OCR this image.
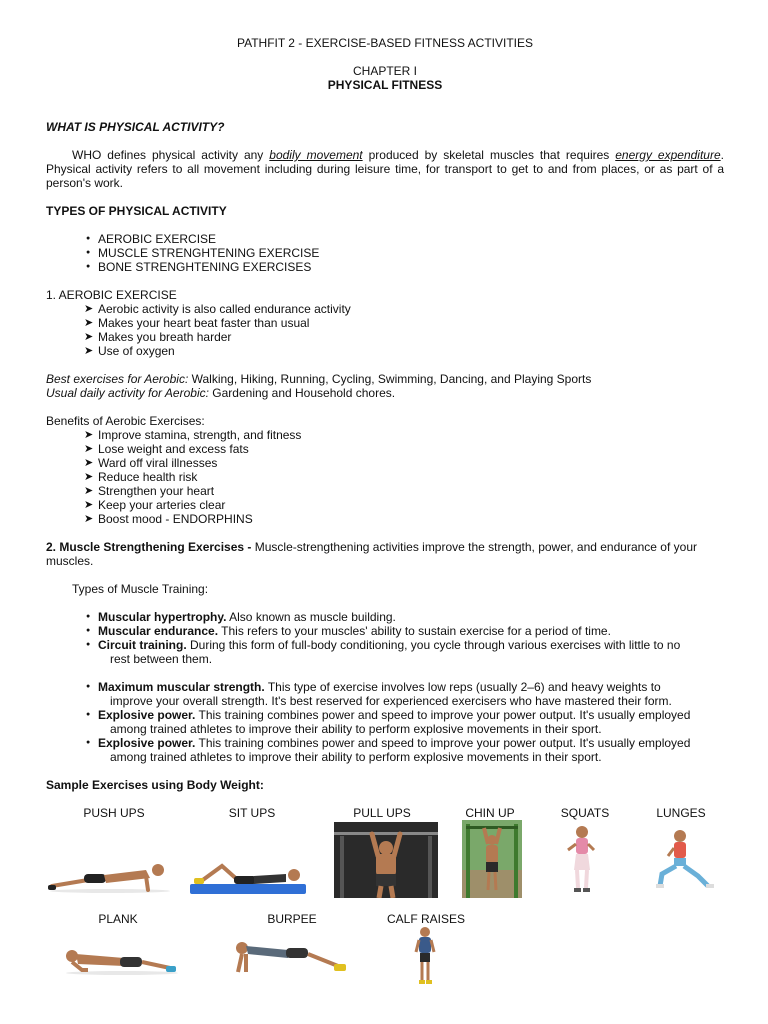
PATHFIT 2 - EXERCISE-BASED FITNESS ACTIVITIES

CHAPTER I

PHYSICAL FITNESS

WHAT IS PHYSICAL ACTIVITY?

WHO defines physical activity any bodily movement produced by skeletal muscles that requires energy expenditure. Physical activity refers to all movement including during leisure time, for transport to get to and from places, or as part of a person's work.

TYPES OF PHYSICAL ACTIVITY

● AEROBIC EXERCISE
● MUSCLE STRENGHTENING EXERCISE
● BONE STRENGHTENING EXERCISES

1. AEROBIC EXERCISE

➤ Aerobic activity is also called endurance activity
➤ Makes your heart beat faster than usual
➤ Makes you breath harder
➤ Use of oxygen

Best exercises for Aerobic: Walking, Hiking, Running, Cycling, Swimming, Dancing, and Playing Sports

Usual daily activity for Aerobic: Gardening and Household chores.

Benefits of Aerobic Exercises:

➤ Improve stamina, strength, and fitness
➤ Lose weight and excess fats
➤ Ward off viral illnesses
➤ Reduce health risk
➤ Strengthen your heart
➤ Keep your arteries clear
➤ Boost mood - ENDORPHINS

2. Muscle Strengthening Exercises - Muscle-strengthening activities improve the strength, power, and endurance of your muscles.

Types of Muscle Training:

● Muscular hypertrophy. Also known as muscle building.
● Muscular endurance. This refers to your muscles' ability to sustain exercise for a period of time.
● Circuit training. During this form of full-body conditioning, you cycle through various exercises with little to no
rest between them.
● Maximum muscular strength. This type of exercise involves low reps (usually 2–6) and heavy weights to
improve your overall strength. It's best reserved for experienced exercisers who have mastered their form.
● Explosive power. This training combines power and speed to improve your power output. It's usually employed
among trained athletes to improve their ability to perform explosive movements in their sport.
● Explosive power. This training combines power and speed to improve your power output. It's usually employed
among trained athletes to improve their ability to perform explosive movements in their sport.

Sample Exercises using Body Weight:

PUSH UPS	SIT UPS	PULL UPS	CHIN UP	SQUATS	LUNGES
PLANK	BURPEE	CALF RAISES
